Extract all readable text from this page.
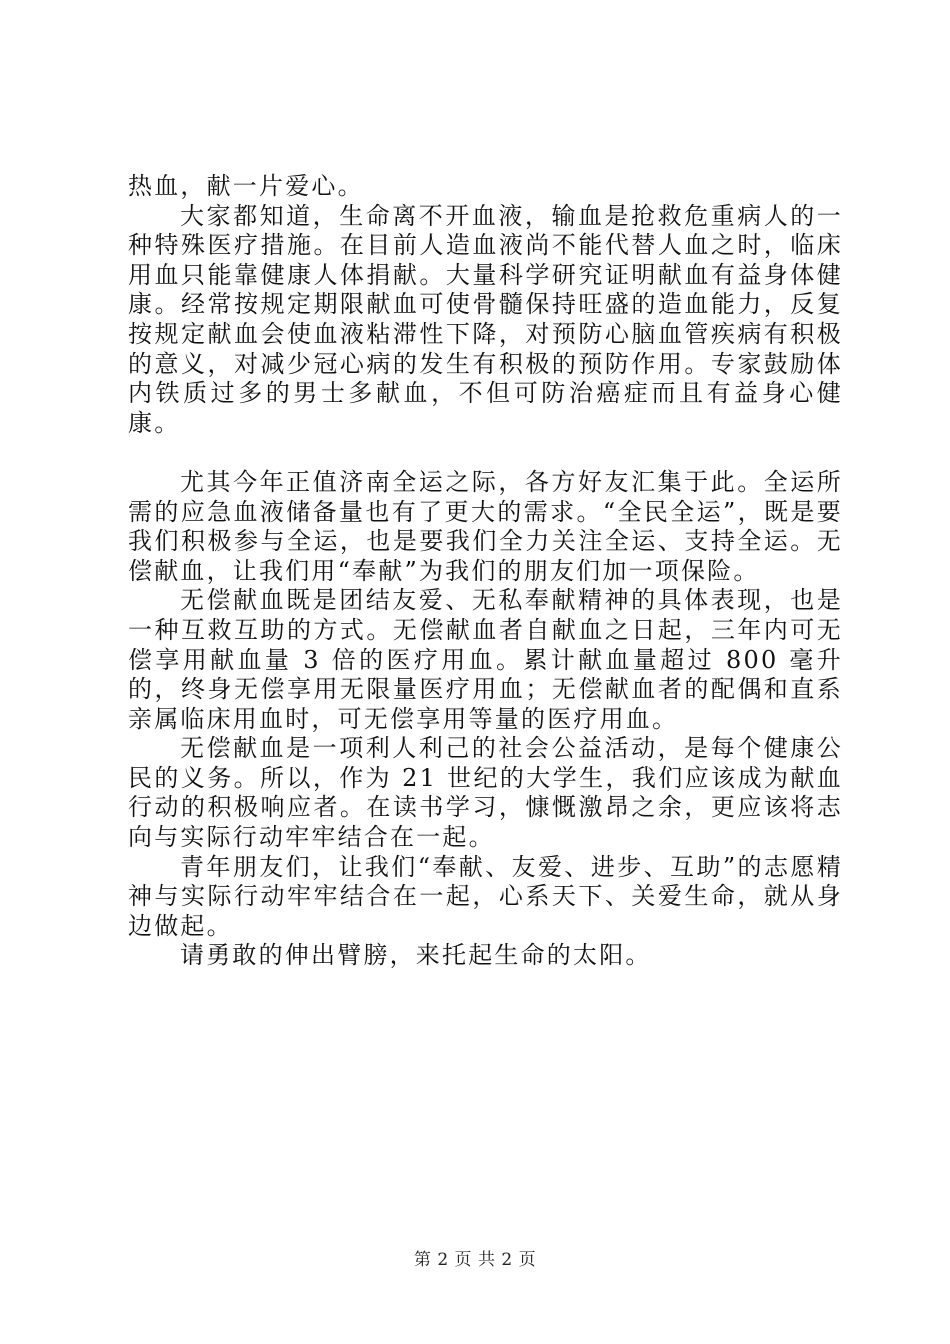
热血，献一片爱心。

大家都知道，生命离不开血液，输血是抢救危重病人的一种特殊医疗措施。在目前人造血液尚不能代替人血之时，临床用血只能靠健康人体捐献。大量科学研究证明献血有益身体健康。经常按规定期限献血可使骨髓保持旺盛的造血能力，反复按规定献血会使血液粘滞性下降，对预防心脑血管疾病有积极的意义，对减少冠心病的发生有积极的预防作用。专家鼓励体内铁质过多的男士多献血，不但可防治癌症而且有益身心健康。

尤其今年正值济南全运之际，各方好友汇集于此。全运所需的应急血液储备量也有了更大的需求。“全民全运”，既是要我们积极参与全运，也是要我们全力关注全运、支持全运。无偿献血，让我们用“奉献”为我们的朋友们加一项保险。

无偿献血既是团结友爱、无私奉献精神的具体表现，也是一种互救互助的方式。无偿献血者自献血之日起，三年内可无偿享用献血量 3 倍的医疗用血。累计献血量超过 800 毫升的，终身无偿享用无限量医疗用血；无偿献血者的配偶和直系亲属临床用血时，可无偿享用等量的医疗用血。

无偿献血是一项利人利己的社会公益活动，是每个健康公民的义务。所以，作为 21 世纪的大学生，我们应该成为献血行动的积极响应者。在读书学习，慷慨激昂之余，更应该将志向与实际行动牢牢结合在一起。

青年朋友们，让我们“奉献、友爱、进步、互助”的志愿精神与实际行动牢牢结合在一起，心系天下、关爱生命，就从身边做起。

请勇敢的伸出臂膀，来托起生命的太阳。

第 2 页 共 2 页
